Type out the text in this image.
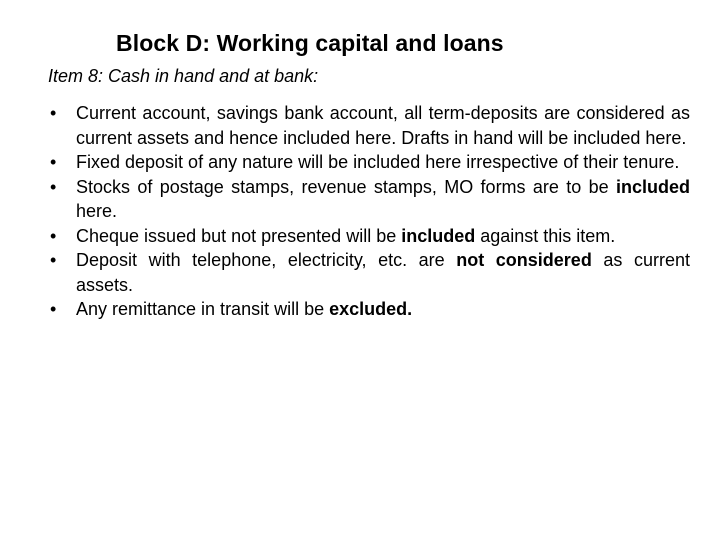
Block D: Working capital and loans
Item 8: Cash in hand and at bank:
• Current account, savings bank account, all term-deposits are considered as current assets and hence included here. Drafts in hand will be included here.
• Fixed deposit of any nature will be included here irrespective of their tenure.
• Stocks of postage stamps, revenue stamps, MO forms are to be included here.
• Cheque issued but not presented will be included against this item.
• Deposit with telephone, electricity, etc. are not considered as current assets.
• Any remittance in transit will be excluded.
